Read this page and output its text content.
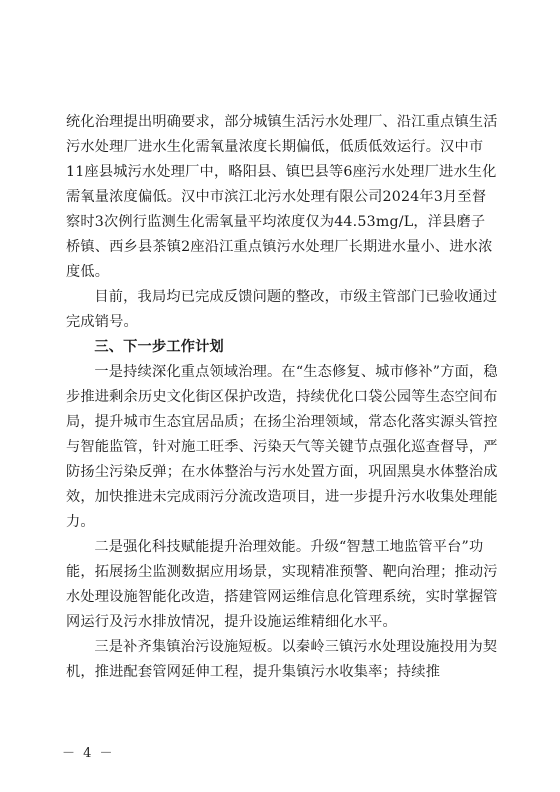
统化治理提出明确要求，部分城镇生活污水处理厂、沿江重点镇生活污水处理厂进水生化需氧量浓度长期偏低，低质低效运行。汉中市11座县城污水处理厂中，略阳县、镇巴县等6座污水处理厂进水生化需氧量浓度偏低。汉中市滨江北污水处理有限公司2024年3月至督察时3次例行监测生化需氧量平均浓度仅为44.53mg/L，洋县磨子桥镇、西乡县茶镇2座沿江重点镇污水处理厂长期进水量小、进水浓度低。

目前，我局均已完成反馈问题的整改，市级主管部门已验收通过完成销号。

三、下一步工作计划

一是持续深化重点领域治理。在“生态修复、城市修补”方面，稳步推进剩余历史文化街区保护改造，持续优化口袋公园等生态空间布局，提升城市生态宜居品质；在扬尘治理领域，常态化落实源头管控与智能监管，针对施工旺季、污染天气等关键节点强化巡查督导，严防扬尘污染反弹；在水体整治与污水处置方面，巩固黑臭水体整治成效，加快推进未完成雨污分流改造项目，进一步提升污水收集处理能力。

二是强化科技赋能提升治理效能。升级“智慧工地监管平台”功能，拓展扬尘监测数据应用场景，实现精准预警、靶向治理；推动污水处理设施智能化改造，搭建管网运维信息化管理系统，实时掌握管网运行及污水排放情况，提升设施运维精细化水平。

三是补齐集镇治污设施短板。以秦岭三镇污水处理设施投用为契机，推进配套管网延伸工程，提升集镇污水收集率；持续推

－ 4 －
